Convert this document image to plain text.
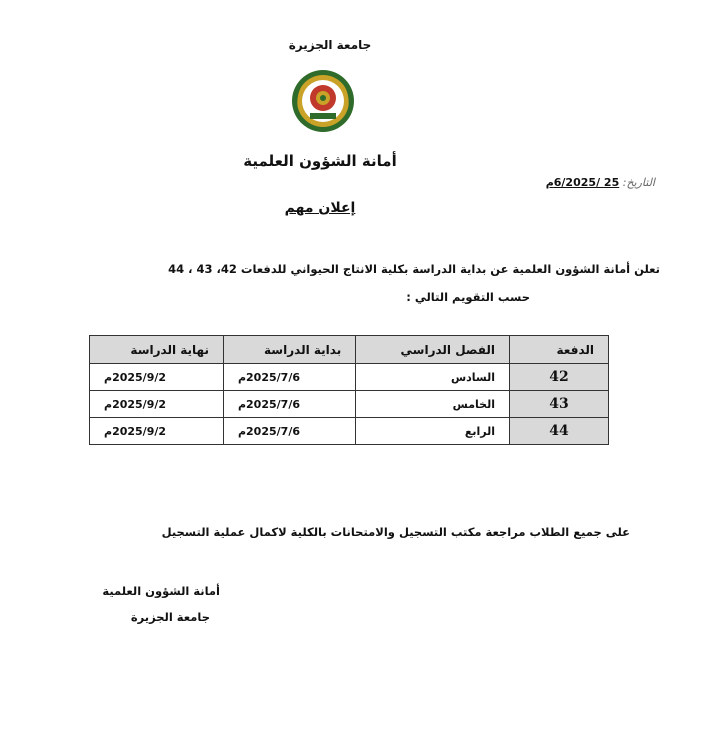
جامعة الجزيرة
أمانة الشؤون العلمية
التاريخ: 25 /6/2025م
إعلان مهم
تعلن أمانة الشؤون العلمية عن بداية الدراسة بكلية الانتاج الحيواني للدفعات 42، 43 ، 44
حسب التقويم التالي :
الدفعة	الفصل الدراسي	بداية الدراسة	نهاية الدراسة
42	السادس	2025/7/6م	2025/9/2م
43	الخامس	2025/7/6م	2025/9/2م
44	الرابع	2025/7/6م	2025/9/2م
على جميع الطلاب مراجعة مكتب التسجيل والامتحانات بالكلية لاكمال عملية التسجيل
أمانة الشؤون العلمية
جامعة الجزيرة
